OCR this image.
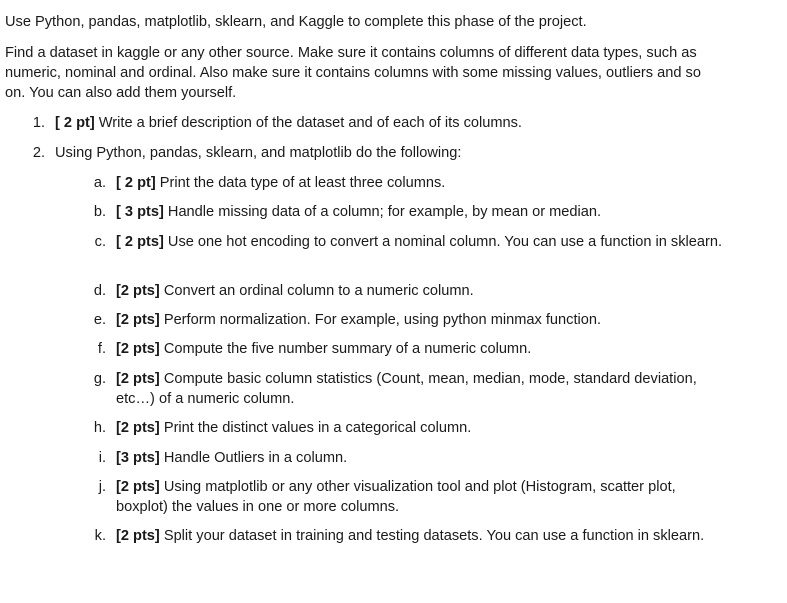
Use Python, pandas, matplotlib, sklearn, and Kaggle to complete this phase of the project.
Find a dataset in kaggle or any other source. Make sure it contains columns of different data types, such as numeric, nominal and ordinal. Also make sure it contains columns with some missing values, outliers and so on. You can also add them yourself.
1. [ 2 pt] Write a brief description of the dataset and of each of its columns.
2. Using Python, pandas, sklearn, and matplotlib do the following:
a. [ 2 pt] Print the data type of at least three columns.
b. [ 3 pts] Handle missing data of a column; for example, by mean or median.
c. [ 2 pts] Use one hot encoding to convert a nominal column. You can use a function in sklearn.
d. [2 pts] Convert an ordinal column to a numeric column.
e. [2 pts] Perform normalization. For example, using python minmax function.
f. [2 pts] Compute the five number summary of a numeric column.
g. [2 pts] Compute basic column statistics (Count, mean, median, mode, standard deviation, etc…) of a numeric column.
h. [2 pts] Print the distinct values in a categorical column.
i. [3 pts] Handle Outliers in a column.
j. [2 pts] Using matplotlib or any other visualization tool and plot (Histogram, scatter plot, boxplot) the values in one or more columns.
k. [2 pts] Split your dataset in training and testing datasets. You can use a function in sklearn.
